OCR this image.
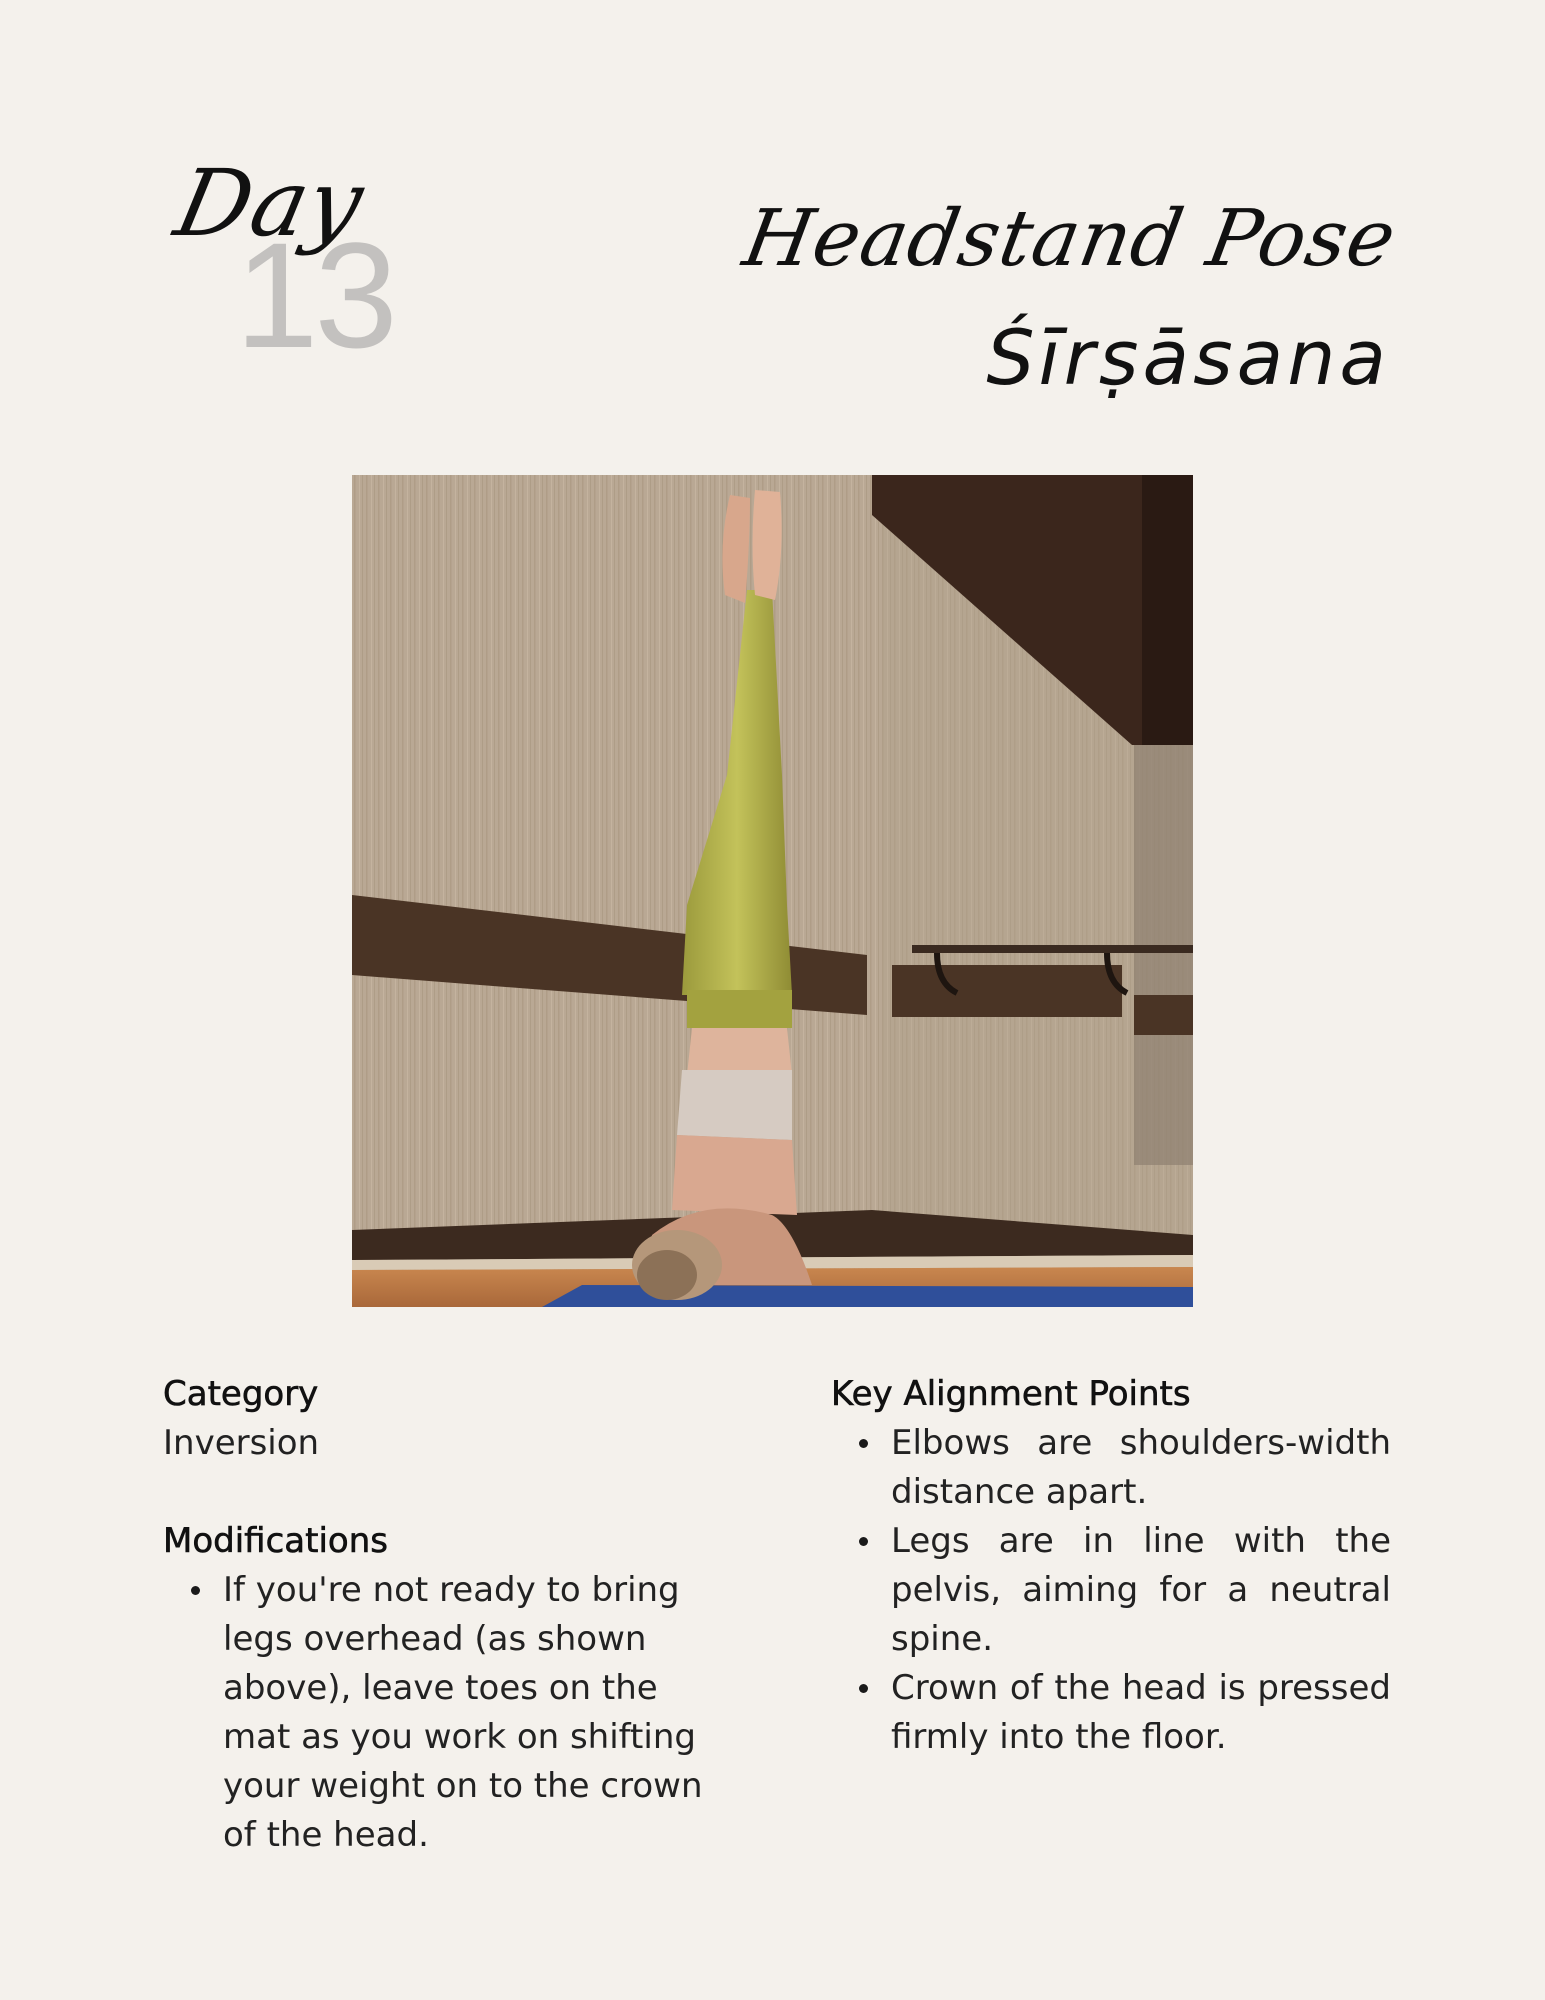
Day
13	Headstand Pose
Śīrṣāsana

Category

Inversion

Modifications

If you're not ready to bring legs overhead (as shown above), leave toes on the mat as you work on shifting your weight on to the crown of the head.

Key Alignment Points

Elbows are shoulders-width distance apart.
Legs are in line with the pelvis, aiming for a neutral spine.
Crown of the head is pressed firmly into the floor.
